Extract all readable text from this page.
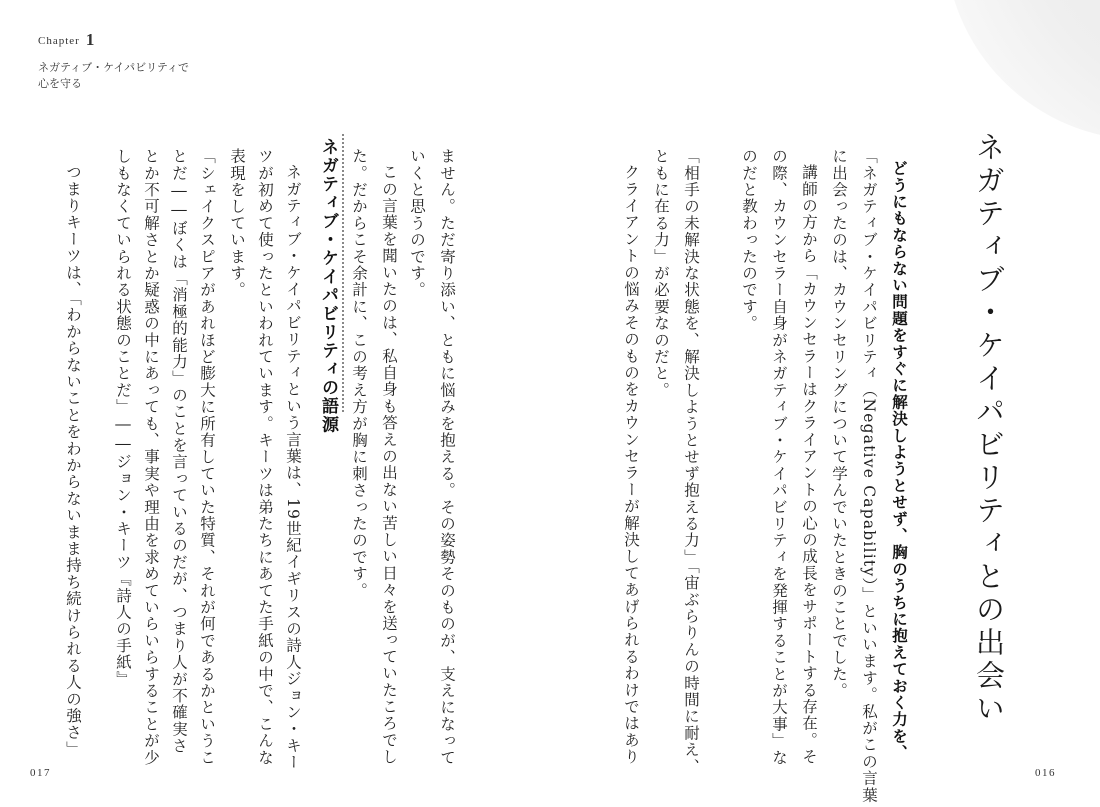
ネガティブ・ケイパビリティとの出会い
どうにもならない問題をすぐに解決しようとせず、胸のうちに抱えておく力を、
「ネガティブ・ケイパビリティ（Negative Capability）」といいます。私がこの言葉
に出会ったのは、カウンセリングについて学んでいたときのことでした。
講師の方から「カウンセラーはクライアントの心の成長をサポートする存在。そ
の際、カウンセラー自身がネガティブ・ケイパビリティを発揮することが大事」な
のだと教わったのです。
「相手の未解決な状態を、解決しようとせず抱える力」「宙ぶらりんの時間に耐え、
ともに在る力」が必要なのだと。
クライアントの悩みそのものをカウンセラーが解決してあげられるわけではあり
016
Chapter 1
ネガティブ・ケイパビリティで
心を守る
ません。ただ寄り添い、ともに悩みを抱える。その姿勢そのものが、支えになって
いくと思うのです。
この言葉を聞いたのは、私自身も答えの出ない苦しい日々を送っていたころでし
た。だからこそ余計に、この考え方が胸に刺さったのです。
ネガティブ・ケイパビリティの語源
ネガティブ・ケイパビリティという言葉は、19世紀イギリスの詩人ジョン・キー
ツが初めて使ったといわれています。キーツは弟たちにあてた手紙の中で、こんな
表現をしています。
「シェイクスピアがあれほど膨大に所有していた特質、それが何であるかというこ
とだ――ぼくは「消極的能力」のことを言っているのだが、つまり人が不確実さ
とか不可解さとか疑惑の中にあっても、事実や理由を求めていらいらすることが少
しもなくていられる状態のことだ」――ジョン・キーツ『詩人の手紙』
つまりキーツは、「わからないことをわからないまま持ち続けられる人の強さ」
017
